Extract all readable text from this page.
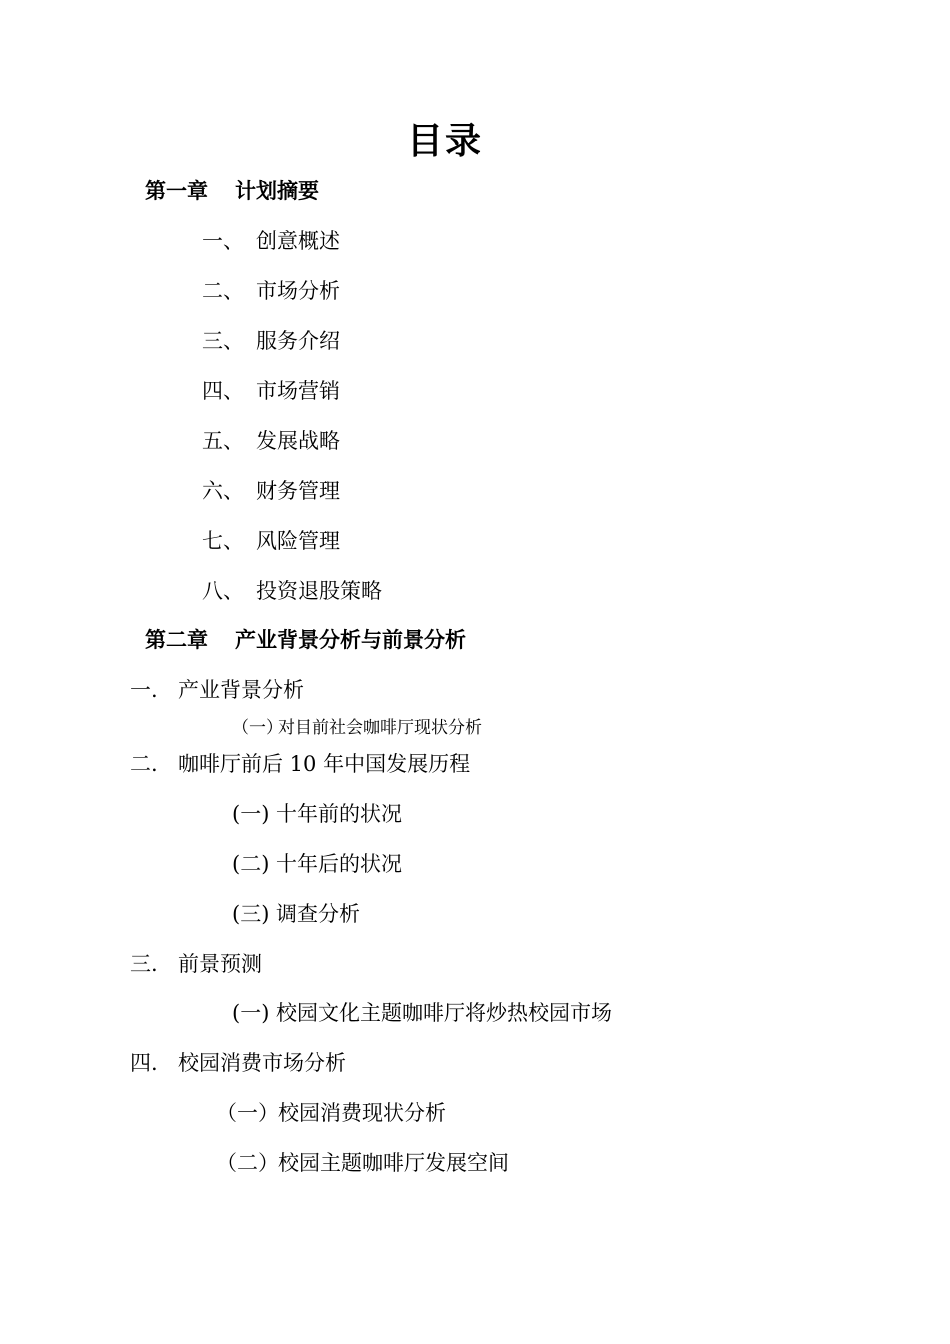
目录
第一章 计划摘要
一、 创意概述
二、 市场分析
三、 服务介绍
四、 市场营销
五、 发展战略
六、 财务管理
七、 风险管理
八、 投资退股策略
第二章 产业背景分析与前景分析
一. 产业背景分析
（一）对目前社会咖啡厅现状分析
二. 咖啡厅前后 10 年中国发展历程
(一) 十年前的状况
(二) 十年后的状况
(三) 调查分析
三. 前景预测
(一) 校园文化主题咖啡厅将炒热校园市场
四. 校园消费市场分析
（一）校园消费现状分析
（二）校园主题咖啡厅发展空间
